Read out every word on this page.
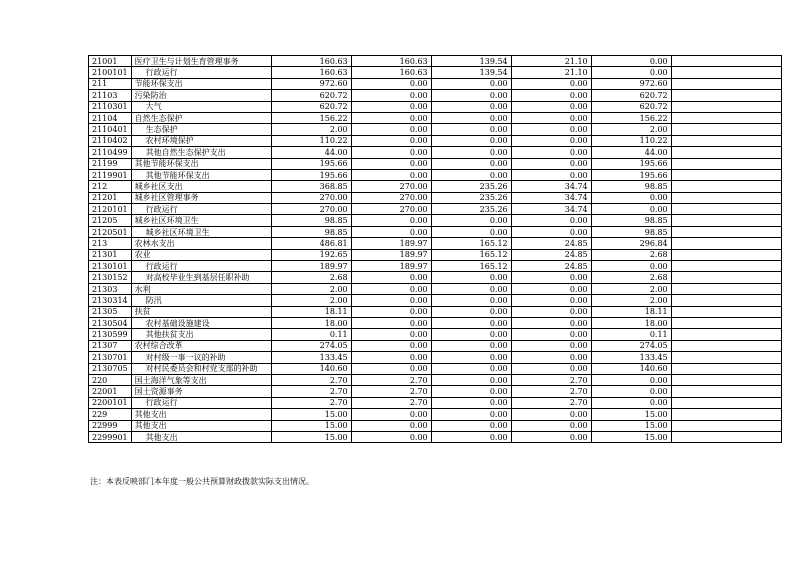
21001	医疗卫生与计划生育管理事务	160.63	160.63	139.54	21.10	0.00	
2100101	行政运行	160.63	160.63	139.54	21.10	0.00	
211	节能环保支出	972.60	0.00	0.00	0.00	972.60	
21103	污染防治	620.72	0.00	0.00	0.00	620.72	
2110301	大气	620.72	0.00	0.00	0.00	620.72	
21104	自然生态保护	156.22	0.00	0.00	0.00	156.22	
2110401	生态保护	2.00	0.00	0.00	0.00	2.00	
2110402	农村环境保护	110.22	0.00	0.00	0.00	110.22	
2110499	其他自然生态保护支出	44.00	0.00	0.00	0.00	44.00	
21199	其他节能环保支出	195.66	0.00	0.00	0.00	195.66	
2119901	其他节能环保支出	195.66	0.00	0.00	0.00	195.66	
212	城乡社区支出	368.85	270.00	235.26	34.74	98.85	
21201	城乡社区管理事务	270.00	270.00	235.26	34.74	0.00	
2120101	行政运行	270.00	270.00	235.26	34.74	0.00	
21205	城乡社区环境卫生	98.85	0.00	0.00	0.00	98.85	
2120501	城乡社区环境卫生	98.85	0.00	0.00	0.00	98.85	
213	农林水支出	486.81	189.97	165.12	24.85	296.84	
21301	农业	192.65	189.97	165.12	24.85	2.68	
2130101	行政运行	189.97	189.97	165.12	24.85	0.00	
2130152	对高校毕业生到基层任职补助	2.68	0.00	0.00	0.00	2.68	
21303	水利	2.00	0.00	0.00	0.00	2.00	
2130314	防汛	2.00	0.00	0.00	0.00	2.00	
21305	扶贫	18.11	0.00	0.00	0.00	18.11	
2130504	农村基础设施建设	18.00	0.00	0.00	0.00	18.00	
2130599	其他扶贫支出	0.11	0.00	0.00	0.00	0.11	
21307	农村综合改革	274.05	0.00	0.00	0.00	274.05	
2130701	对村级一事一议的补助	133.45	0.00	0.00	0.00	133.45	
2130705	对村民委员会和村党支部的补助	140.60	0.00	0.00	0.00	140.60	
220	国土海洋气象等支出	2.70	2.70	0.00	2.70	0.00	
22001	国土资源事务	2.70	2.70	0.00	2.70	0.00	
2200101	行政运行	2.70	2.70	0.00	2.70	0.00	
229	其他支出	15.00	0.00	0.00	0.00	15.00	
22999	其他支出	15.00	0.00	0.00	0.00	15.00	
2299901	其他支出	15.00	0.00	0.00	0.00	15.00	
注：本表反映部门本年度一般公共预算财政拨款实际支出情况。
